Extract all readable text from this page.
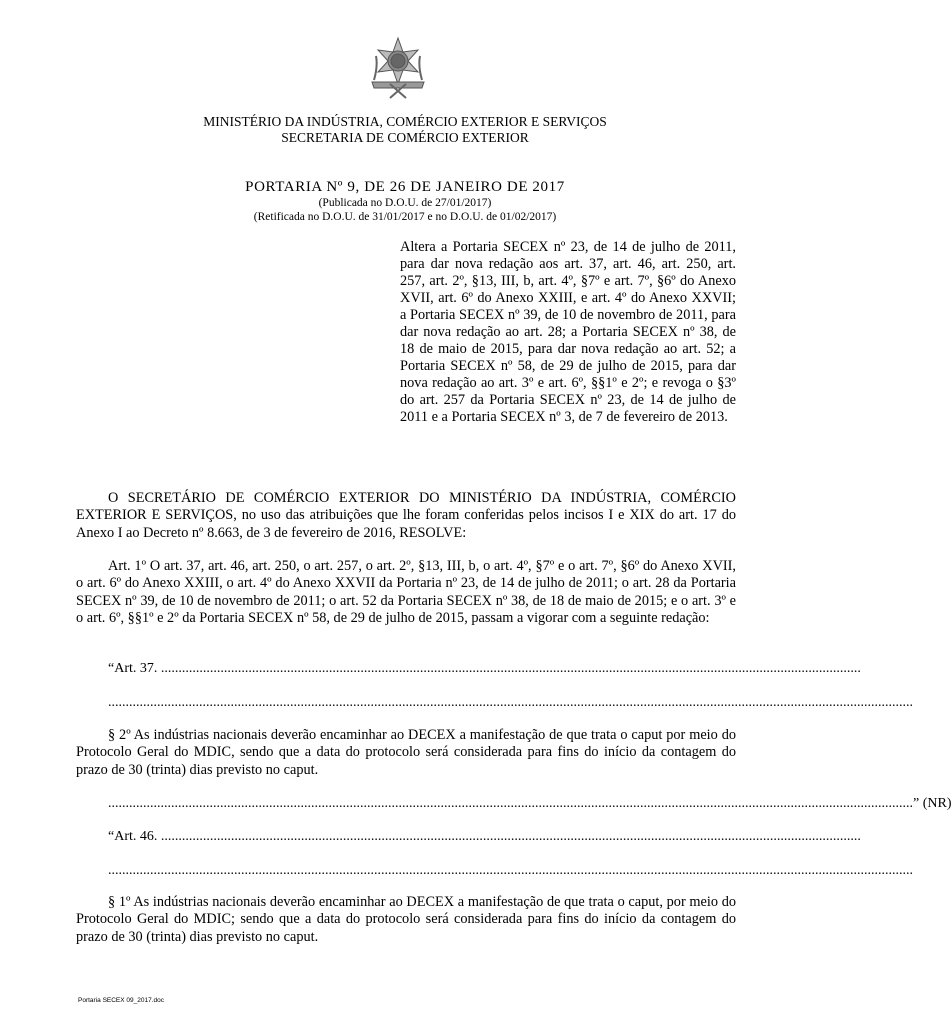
MINISTÉRIO DA INDÚSTRIA, COMÉRCIO EXTERIOR E SERVIÇOS
SECRETARIA DE COMÉRCIO EXTERIOR
PORTARIA Nº 9, DE 26 DE JANEIRO DE 2017
(Publicada no D.O.U. de 27/01/2017)
(Retificada no D.O.U. de 31/01/2017 e no D.O.U. de 01/02/2017)
Altera a Portaria SECEX nº 23, de 14 de julho de 2011, para dar nova redação aos art. 37, art. 46, art. 250, art. 257, art. 2º, §13, III, b, art. 4º, §7º e art. 7º, §6º do Anexo XVII, art. 6º do Anexo XXIII, e art. 4º do Anexo XXVII; a Portaria SECEX nº 39, de 10 de novembro de 2011, para dar nova redação ao art. 28; a Portaria SECEX nº 38, de 18 de maio de 2015, para dar nova redação ao art. 52; a Portaria SECEX nº 58, de 29 de julho de 2015, para dar nova redação ao art. 3º e art. 6º, §§1º e 2º; e revoga o §3º do art. 257 da Portaria SECEX nº 23, de 14 de julho de 2011 e a Portaria SECEX nº 3, de 7 de fevereiro de 2013.
O SECRETÁRIO DE COMÉRCIO EXTERIOR DO MINISTÉRIO DA INDÚSTRIA, COMÉRCIO EXTERIOR E SERVIÇOS, no uso das atribuições que lhe foram conferidas pelos incisos I e XIX do art. 17 do Anexo I ao Decreto nº 8.663, de 3 de fevereiro de 2016, RESOLVE:
Art. 1º O art. 37, art. 46, art. 250, o art. 257, o art. 2º, §13, III, b, o art. 4º, §7º e o art. 7º, §6º do Anexo XVII, o art. 6º do Anexo XXIII, o art. 4º do Anexo XXVII da Portaria nº 23, de 14 de julho de 2011; o art. 28 da Portaria SECEX nº 39, de 10 de novembro de 2011; o art. 52 da Portaria SECEX nº 38, de 18 de maio de 2015; e o art. 3º e o art. 6º, §§1º e 2º da Portaria SECEX nº 58, de 29 de julho de 2015, passam a vigorar com a seguinte redação:
“Art. 37. ........................................................................................................................................................................................................
......................................................................................................................................................................................................................................
§ 2º As indústrias nacionais deverão encaminhar ao DECEX a manifestação de que trata o caput por meio do Protocolo Geral do MDIC, sendo que a data do protocolo será considerada para fins do início da contagem do prazo de 30 (trinta) dias previsto no caput.
...................................................................................................................................................................................................................................... ” (NR)
“Art. 46. ........................................................................................................................................................................................................
......................................................................................................................................................................................................................................
§ 1º As indústrias nacionais deverão encaminhar ao DECEX a manifestação de que trata o caput, por meio do Protocolo Geral do MDIC; sendo que a data do protocolo será considerada para fins do início da contagem do prazo de 30 (trinta) dias previsto no caput.
Portaria SECEX 09_2017.doc
